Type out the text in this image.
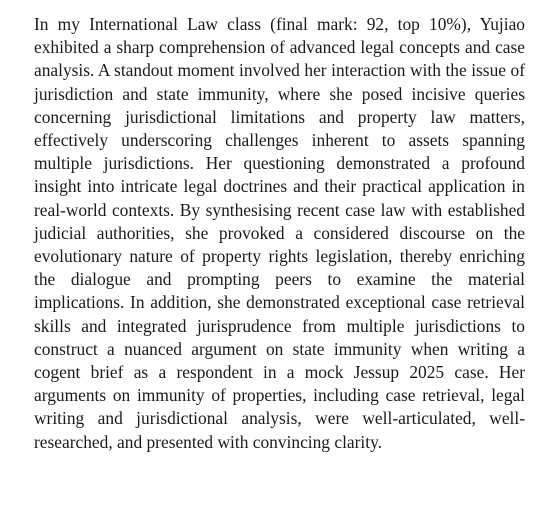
In my International Law class (final mark: 92, top 10%), Yujiao exhibited a sharp comprehension of advanced legal concepts and case analysis. A standout moment involved her interaction with the issue of jurisdiction and state immunity, where she posed incisive queries concerning jurisdictional limitations and property law matters, effectively underscoring challenges inherent to assets spanning multiple jurisdictions. Her questioning demonstrated a profound insight into intricate legal doctrines and their practical application in real-world contexts. By synthesising recent case law with established judicial authorities, she provoked a considered discourse on the evolutionary nature of property rights legislation, thereby enriching the dialogue and prompting peers to examine the material implications. In addition, she demonstrated exceptional case retrieval skills and integrated jurisprudence from multiple jurisdictions to construct a nuanced argument on state immunity when writing a cogent brief as a respondent in a mock Jessup 2025 case. Her arguments on immunity of properties, including case retrieval, legal writing and jurisdictional analysis, were well-articulated, well-researched, and presented with convincing clarity.
